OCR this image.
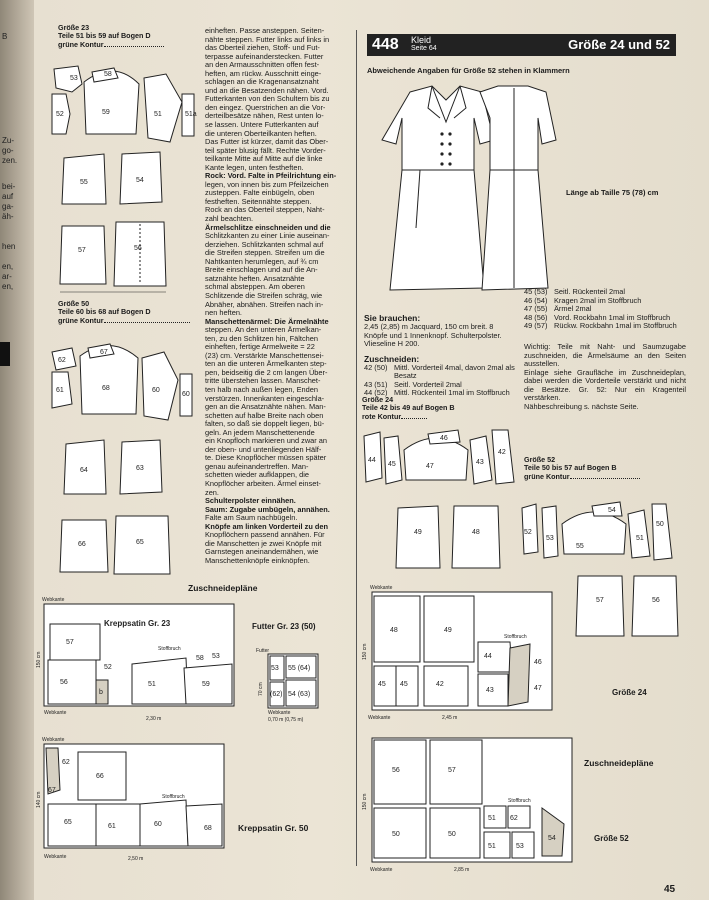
B
Zu-
go-
zen.
bei-
auf
ga-
äh-
hen
en,
ar-
en,
Größe 23
Teile 51 bis 59 auf Bogen D
grüne Kontur
53
52	59
58
51	51a
55	54
57	56
Größe 50
Teile 60 bis 68 auf Bogen D
grüne Kontur
62
61	68
67
60
60
64	63
66	65
Zuschneidepläne
Webkante
57
56
b
Kreppsatin Gr. 23
52
Stoffbruch
51	59
58 53
Webkante
2,30 m
150 cm
Futter Gr. 23 (50)
Futter
53 55 (64)
(62) 54 (63)
70 cm
Webkante
0,70 m (0,75 m)
Webkante
62
67
66
65
61
Stoffbruch
60
68
Webkante	2,50 m
140 cm
Kreppsatin Gr. 50
einheften. Passe ansteppen. Seiten-
nähte steppen. Futter links auf links in
das Oberteil ziehen, Stoff- und Fut-
terpasse aufeinanderstecken. Futter
an den Armausschnitten offen fest-
heften, am rückw. Ausschnitt einge-
schlagen an die Kragenansatznaht
und an die Besatzenden nähen. Vord.
Futterkanten von den Schultern bis zu
den eingez. Querstrichen an die Vor-
derteilbesätze nähen, Rest unten lo-
se lassen. Untere Futterkanten auf
die unteren Oberteilkanten heften.
Das Futter ist kürzer, damit das Ober-
teil später blusig fällt. Rechte Vorder-
teilkante Mitte auf Mitte auf die linke
Kante legen, unten festheften.
Rock: Vord. Falte in Pfeilrichtung ein-
legen, von innen bis zum Pfeilzeichen
zusteppen. Falte einbügeln, oben
festheften. Seitennähte steppen.
Rock an das Oberteil steppen, Naht-
zahl beachten.
Ärmelschlitze einschneiden und die
Schlitzkanten zu einer Linie auseinan-
derziehen. Schlitzkanten schmal auf
die Streifen steppen. Streifen um die
Nahtkanten herumlegen, auf ¾ cm
Breite einschlagen und auf die An-
satznähte heften. Ansatznähte
schmal absteppen. Am oberen
Schlitzende die Streifen schräg, wie
Abnäher, abnähen. Streifen nach in-
nen heften.
Manschettenärmel: Die Ärmelnähte
steppen. An den unteren Ärmelkan-
ten, zu den Schlitzen hin, Fältchen
einheften, fertige Armelweite = 22
(23) cm. Verstärkte Manschettensei-
ten an die unteren Ärmelkanten step-
pen, beidseitig die 2 cm langen Über-
tritte überstehen lassen. Manschet-
ten halb nach außen legen, Enden
verstürzen. Innenkanten eingeschla-
gen an die Ansatznähte nähen. Man-
schetten auf halbe Breite nach oben
falten, so daß sie doppelt liegen, bü-
geln. An jedem Manschettenende
ein Knopfloch markieren und zwar an
der oben- und untenliegenden Hälf-
te. Diese Knopflöcher müssen später
genau aufeinandertreffen. Man-
schetten wieder aufklappen, die
Knopflöcher arbeiten. Ärmel einset-
zen.
Schulterpolster einnähen.
Saum: Zugabe umbügeln, annähen.
Falte am Saum nachbügeln.
Knöpfe am linken Vorderteil zu den
Knopflöchern passend annähen. Für
die Manschetten je zwei Knöpfe mit
Garnstegen aneinandernähen, wie
Manschettenknöpfe einknöpfen.
448 Kleid
Seite 64	Größe 24 und 52
Abweichende Angaben für Größe 52 stehen in Klammern
Länge ab Taille 75 (78) cm
Sie brauchen:
2,45 (2,85) m Jacquard, 150 cm breit. 8 Knöpfe und 1 Innenknopf. Schulterpolster. Vlieseline H 200.
Zuschneiden:
42 (50) Mittl. Vorderteil 4mal, davon 2mal als Besatz
43 (51) Seitl. Vorderteil 2mal
44 (52) Mittl. Rückenteil 1mal im Stoffbruch
45 (53) Seitl. Rückenteil 2mal
46 (54) Kragen 2mal im Stoffbruch
47 (55) Ärmel 2mal
48 (56) Vord. Rockbahn 1mal im Stoffbruch
49 (57) Rückw. Rockbahn 1mal im Stoffbruch
Wichtig: Teile mit Naht- und Saumzugabe zuschneiden, die Ärmelsäume an den Seiten ausstellen.
Einlage siehe Graufläche im Zuschneideplan, dabei werden die Vorderteile verstärkt und nicht die Besätze. Gr. 52: Nur ein Kragenteil verstärken.
Nähbeschreibung s. nächste Seite.
Größe 24
Teile 42 bis 49 auf Bogen B
rote Kontur
44
45	47
46
43
42
49	48
Größe 52
Teile 50 bis 57 auf Bogen B
grüne Kontur
52
53
55
54
51
50
57	56
Webkante
48	49
45 45	42
44
46
47
43
Stoffbruch
Webkante	2,45 m
150 cm
Größe 24
Zuschneidepläne
56	57
50	50
Stoffbruch
51 62
51	53
54
Webkante	2,85 m
150 cm
Größe 52
45
